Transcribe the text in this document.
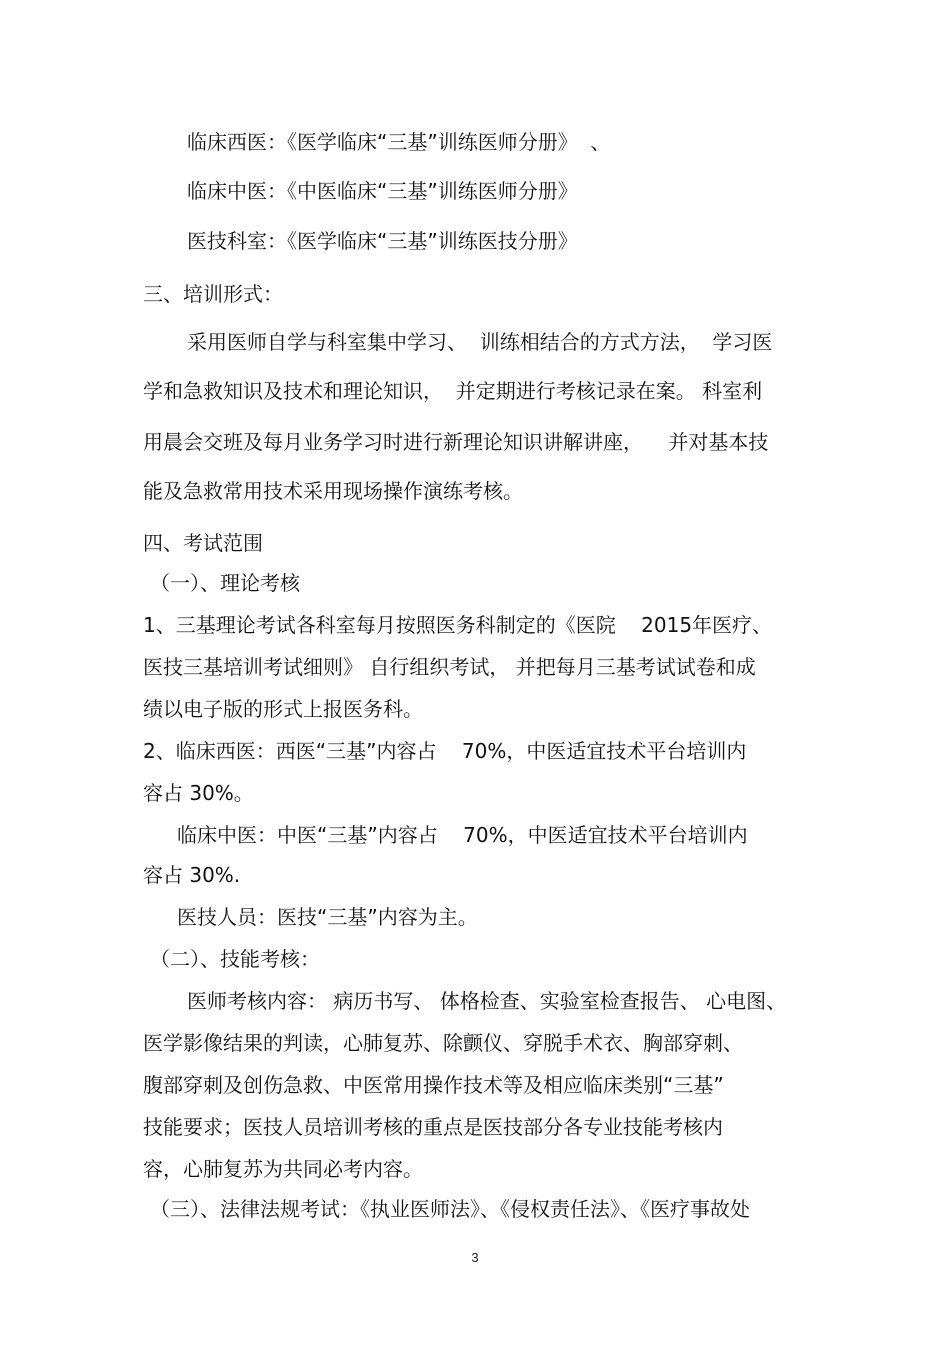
临床西医：《医学临床“三基”训练医师分册》  、

临床中医：《中医临床“三基”训练医师分册》

医技科室：《医学临床“三基”训练医技分册》

三、培训形式：

采用医师自学与科室集中学习、  训练相结合的方式方法，  学习医

学和急救知识及技术和理论知识，  并定期进行考核记录在案。 科室利

用晨会交班及每月业务学习时进行新理论知识讲解讲座，    并对基本技

能及急救常用技术采用现场操作演练考核。

四、考试范围

（一）、理论考核

1、三基理论考试各科室每月按照医务科制定的《医院    2015年医疗、

医技三基培训考试细则》 自行组织考试， 并把每月三基考试试卷和成

绩以电子版的形式上报医务科。

2、临床西医：西医“三基”内容占    70%，中医适宜技术平台培训内

容占 30%。

临床中医：中医“三基”内容占    70%，中医适宜技术平台培训内

容占 30%.

医技人员：医技“三基”内容为主。

（二）、技能考核：

医师考核内容： 病历书写、 体格检查、实验室检查报告、 心电图、

医学影像结果的判读，心肺复苏、除颤仪、穿脱手术衣、胸部穿刺、

腹部穿刺及创伤急救、中医常用操作技术等及相应临床类别“三基”

技能要求；医技人员培训考核的重点是医技部分各专业技能考核内

容，心肺复苏为共同必考内容。

（三）、法律法规考试：《执业医师法》、《侵权责任法》、《医疗事故处

3
